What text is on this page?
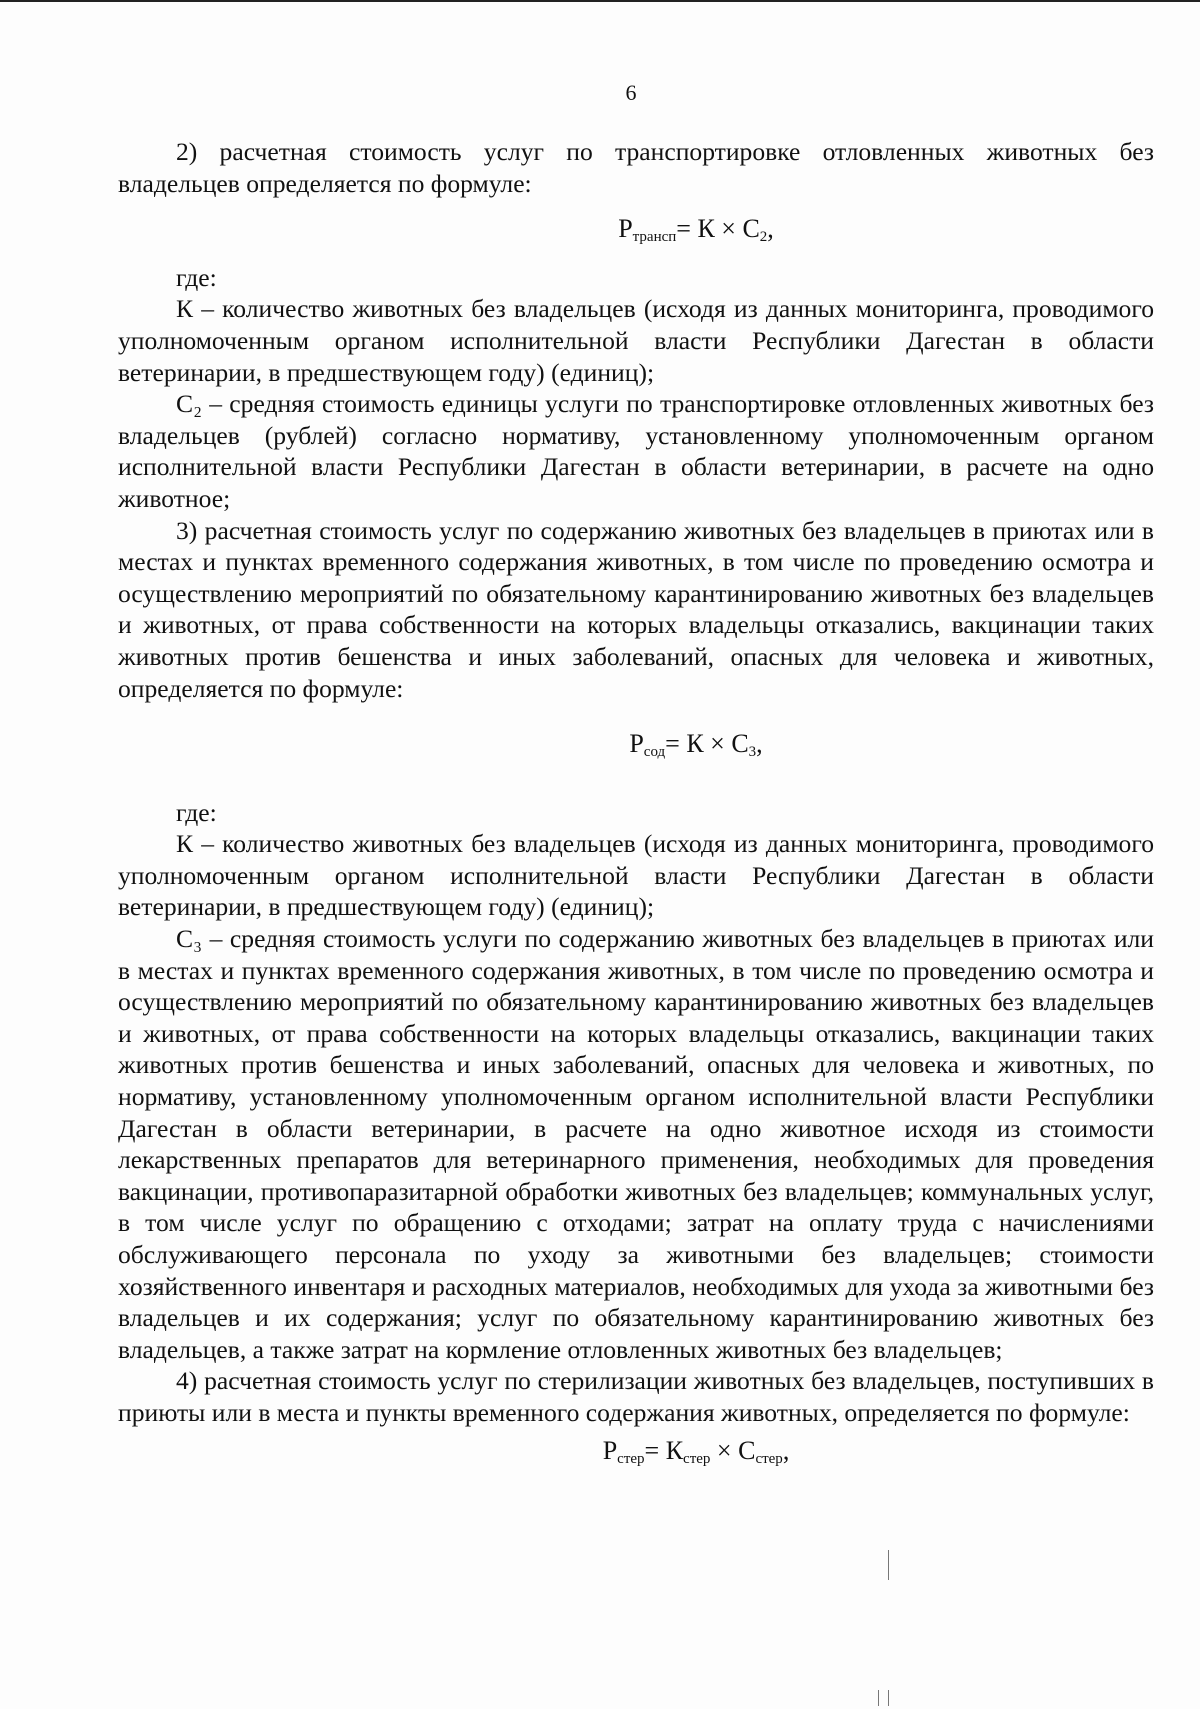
6

2) расчетная стоимость услуг по транспортировке отловленных животных без владельцев определяется по формуле:

$Р_{трансп}= К \times С_2$,

где:

К – количество животных без владельцев (исходя из данных мониторинга, проводимого уполномоченным органом исполнительной власти Республики Дагестан в области ветеринарии, в предшествующем году) (единиц);

С₂ – средняя стоимость единицы услуги по транспортировке отловленных животных без владельцев (рублей) согласно нормативу, установленному уполномоченным органом исполнительной власти Республики Дагестан в области ветеринарии, в расчете на одно животное;

3) расчетная стоимость услуг по содержанию животных без владельцев в приютах или в местах и пунктах временного содержания животных, в том числе по проведению осмотра и осуществлению мероприятий по обязательному карантинированию животных без владельцев и животных, от права собственности на которых владельцы отказались, вакцинации таких животных против бешенства и иных заболеваний, опасных для человека и животных, определяется по формуле:

$Р_{сод}= К \times С_3$,

где:

К – количество животных без владельцев (исходя из данных мониторинга, проводимого уполномоченным органом исполнительной власти Республики Дагестан в области ветеринарии, в предшествующем году) (единиц);

С₃ – средняя стоимость услуги по содержанию животных без владельцев в приютах или в местах и пунктах временного содержания животных, в том числе по проведению осмотра и осуществлению мероприятий по обязательному карантинированию животных без владельцев и животных, от права собственности на которых владельцы отказались, вакцинации таких животных против бешенства и иных заболеваний, опасных для человека и животных, по нормативу, установленному уполномоченным органом исполнительной власти Республики Дагестан в области ветеринарии, в расчете на одно животное исходя из стоимости лекарственных препаратов для ветеринарного применения, необходимых для проведения вакцинации, противопаразитарной обработки животных без владельцев; коммунальных услуг, в том числе услуг по обращению с отходами; затрат на оплату труда с начислениями обслуживающего персонала по уходу за животными без владельцев; стоимости хозяйственного инвентаря и расходных материалов, необходимых для ухода за животными без владельцев и их содержания; услуг по обязательному карантинированию животных без владельцев, а также затрат на кормление отловленных животных без владельцев;

4) расчетная стоимость услуг по стерилизации животных без владельцев, поступивших в приюты или в места и пункты временного содержания животных, определяется по формуле:

$Р_{стер}= К_{стер} \times С_{стер}$,
